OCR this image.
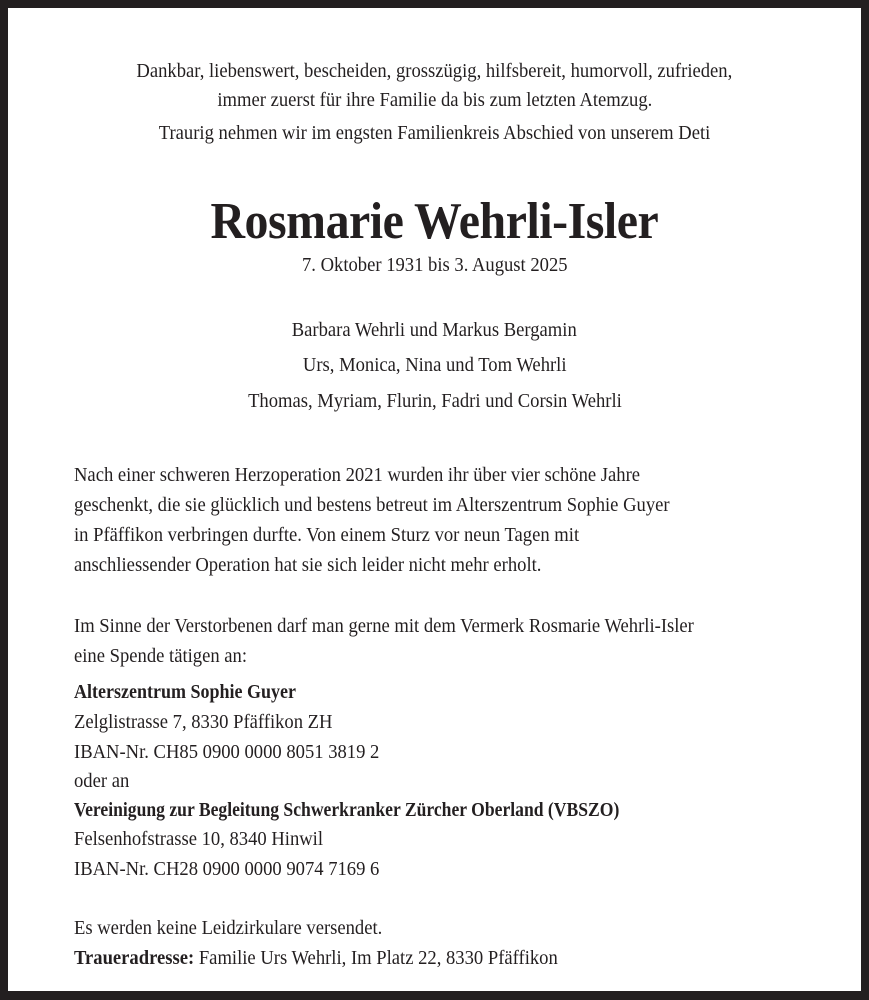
Dankbar, liebenswert, bescheiden, grosszügig, hilfsbereit, humorvoll, zufrieden,
immer zuerst für ihre Familie da bis zum letzten Atemzug.
Traurig nehmen wir im engsten Familienkreis Abschied von unserem Deti
Rosmarie Wehrli-Isler
7. Oktober 1931 bis 3. August 2025
Barbara Wehrli und Markus Bergamin
Urs, Monica, Nina und Tom Wehrli
Thomas, Myriam, Flurin, Fadri und Corsin Wehrli
Nach einer schweren Herzoperation 2021 wurden ihr über vier schöne Jahre
geschenkt, die sie glücklich und bestens betreut im Alterszentrum Sophie Guyer
in Pfäffikon verbringen durfte. Von einem Sturz vor neun Tagen mit
anschliessender Operation hat sie sich leider nicht mehr erholt.
Im Sinne der Verstorbenen darf man gerne mit dem Vermerk Rosmarie Wehrli-Isler
eine Spende tätigen an:
Alterszentrum Sophie Guyer
Zelglistrasse 7, 8330 Pfäffikon ZH
IBAN-Nr. CH85 0900 0000 8051 3819 2
oder an
Vereinigung zur Begleitung Schwerkranker Zürcher Oberland (VBSZO)
Felsenhofstrasse 10, 8340 Hinwil
IBAN-Nr. CH28 0900 0000 9074 7169 6
Es werden keine Leidzirkulare versendet.
Traueradresse: Familie Urs Wehrli, Im Platz 22, 8330 Pfäffikon
